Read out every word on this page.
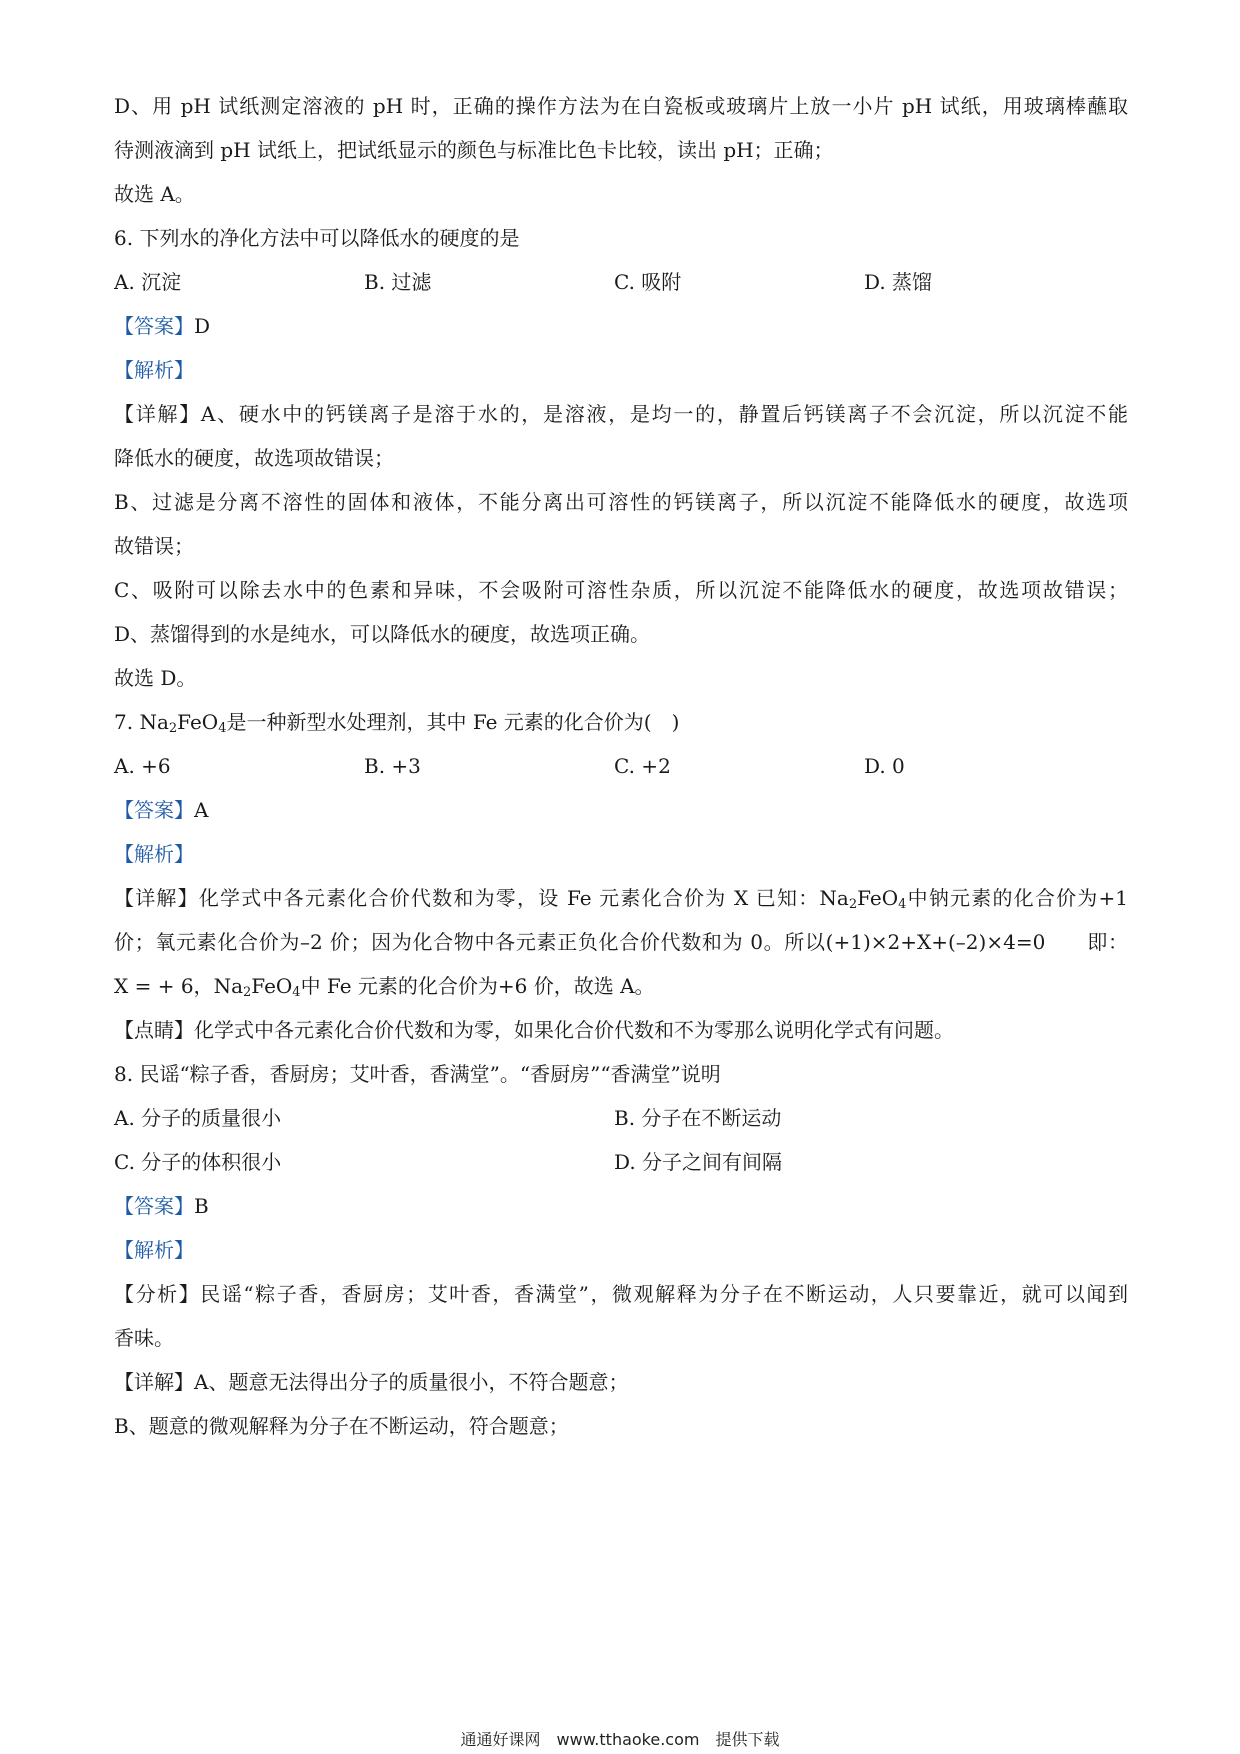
D、用 pH 试纸测定溶液的 pH 时，正确的操作方法为在白瓷板或玻璃片上放一小片 pH 试纸，用玻璃棒蘸取
待测液滴到 pH 试纸上，把试纸显示的颜色与标准比色卡比较，读出 pH；正确；
故选 A。
6. 下列水的净化方法中可以降低水的硬度的是
A. 沉淀	B. 过滤	C. 吸附	D. 蒸馏
【答案】D
【解析】
【详解】A、硬水中的钙镁离子是溶于水的，是溶液，是均一的，静置后钙镁离子不会沉淀，所以沉淀不能
降低水的硬度，故选项故错误；
B、过滤是分离不溶性的固体和液体，不能分离出可溶性的钙镁离子，所以沉淀不能降低水的硬度，故选项
故错误；
C、吸附可以除去水中的色素和异味，不会吸附可溶性杂质，所以沉淀不能降低水的硬度，故选项故错误；
D、蒸馏得到的水是纯水，可以降低水的硬度，故选项正确。
故选 D。
7. $Na_2FeO_4$是一种新型水处理剂，其中 Fe 元素的化合价为(　)
A. +6	B. +3	C. +2	D. 0
【答案】A
【解析】
【详解】化学式中各元素化合价代数和为零，设 Fe 元素化合价为 X 已知：$Na_2FeO_4$中钠元素的化合价为+1
价；氧元素化合价为–2 价；因为化合物中各元素正负化合价代数和为 0。所以(+1)×2+X+(–2)×4=0　　即：
X = + 6，$Na_2FeO_4$中 Fe 元素的化合价为+6 价，故选 A。
【点睛】化学式中各元素化合价代数和为零，如果化合价代数和不为零那么说明化学式有问题。
8. 民谣“粽子香，香厨房；艾叶香，香满堂”。“香厨房”“香满堂”说明
A. 分子的质量很小	B. 分子在不断运动
C. 分子的体积很小	D. 分子之间有间隔
【答案】B
【解析】
【分析】民谣“粽子香，香厨房；艾叶香，香满堂”，微观解释为分子在不断运动，人只要靠近，就可以闻到
香味。
【详解】A、题意无法得出分子的质量很小，不符合题意；
B、题意的微观解释为分子在不断运动，符合题意；
通通好课网　www.tthaoke.com　提供下载
